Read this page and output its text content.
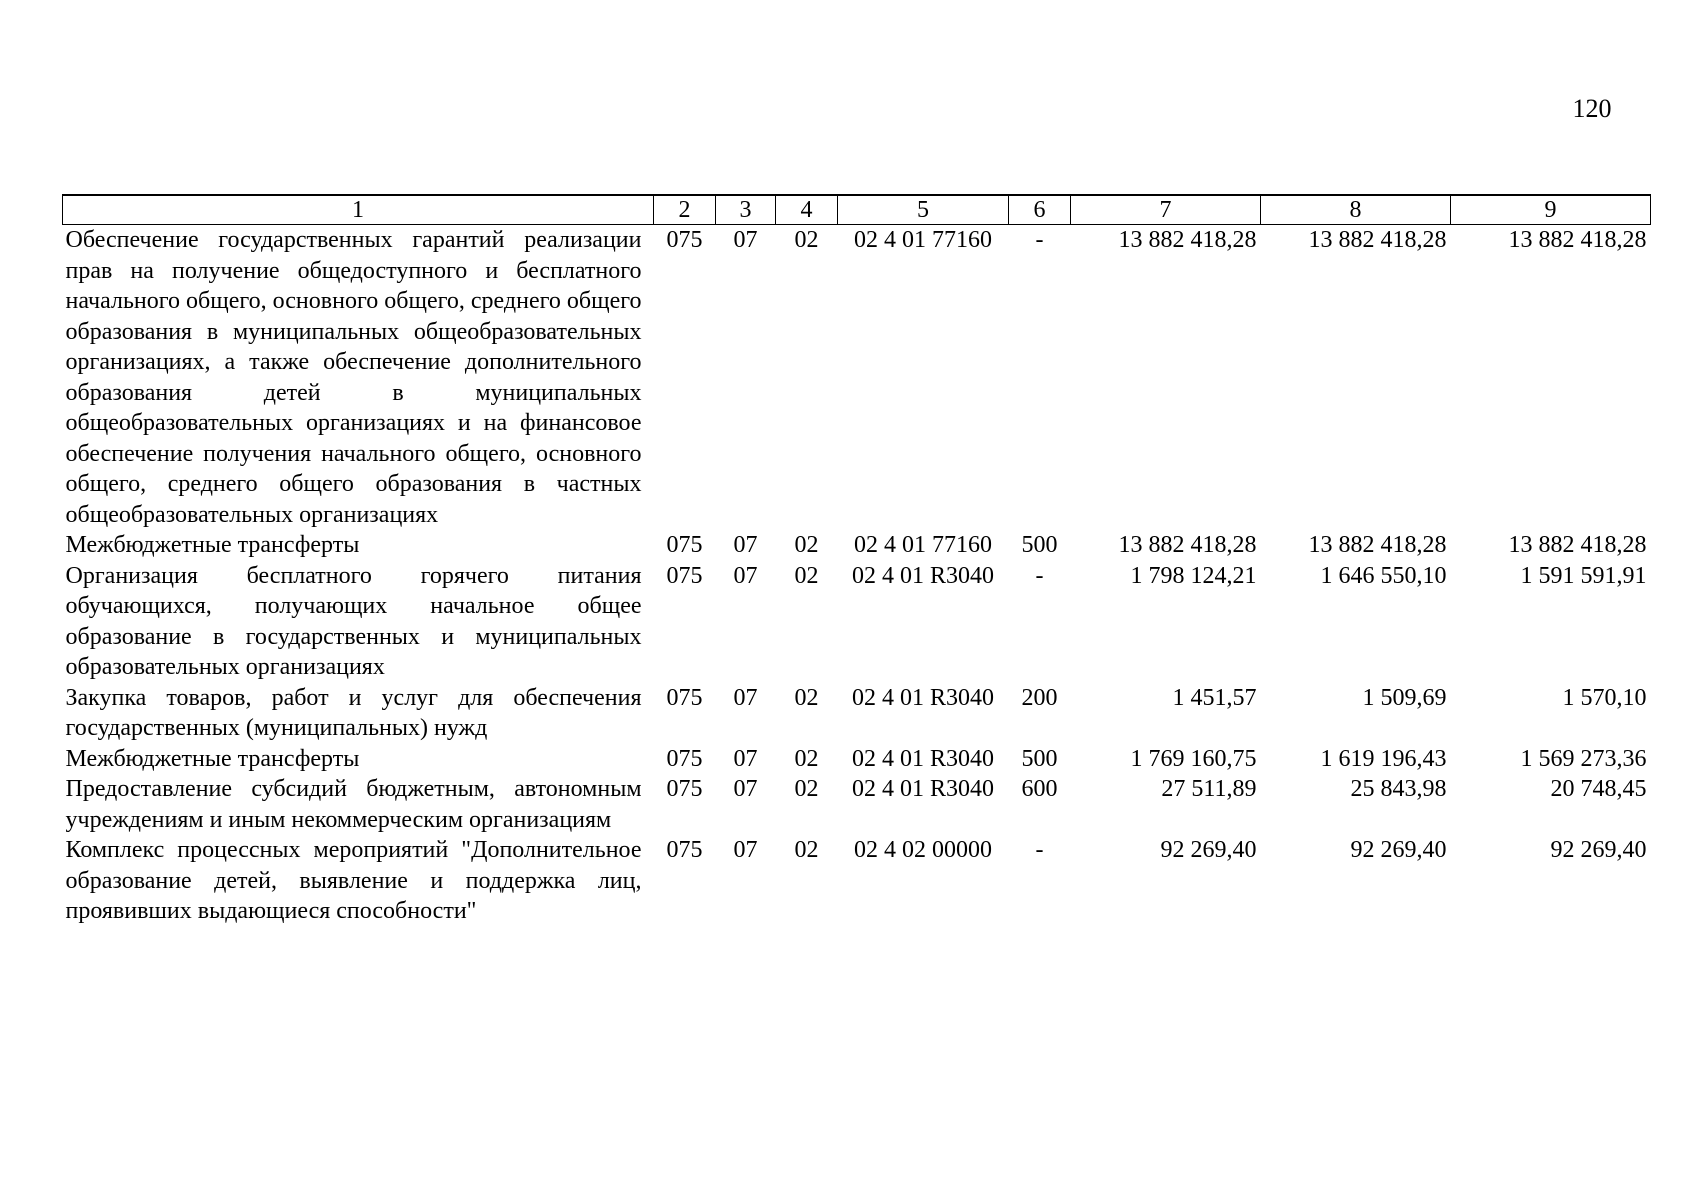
120
1	2	3	4	5	6	7	8	9
Обеспечение государственных гарантий реализации прав на получение общедоступного и бесплатного начального общего, основного общего, среднего общего образования в муниципальных общеобразовательных организациях, а также обеспечение дополнительного образования детей в муниципальных общеобразовательных организациях и на финансовое обеспечение получения начального общего, основного общего, среднего общего образования в частных общеобразовательных организациях	075	07	02	02 4 01 77160	-	13 882 418,28	13 882 418,28	13 882 418,28
Межбюджетные трансферты	075	07	02	02 4 01 77160	500	13 882 418,28	13 882 418,28	13 882 418,28
Организация бесплатного горячего питания обучающихся, получающих начальное общее образование в государственных и муниципальных образовательных организациях	075	07	02	02 4 01 R3040	-	1 798 124,21	1 646 550,10	1 591 591,91
Закупка товаров, работ и услуг для обеспечения государственных (муниципальных) нужд	075	07	02	02 4 01 R3040	200	1 451,57	1 509,69	1 570,10
Межбюджетные трансферты	075	07	02	02 4 01 R3040	500	1 769 160,75	1 619 196,43	1 569 273,36
Предоставление субсидий бюджетным, автономным учреждениям и иным некоммерческим организациям	075	07	02	02 4 01 R3040	600	27 511,89	25 843,98	20 748,45
Комплекс процессных мероприятий "Дополнительное образование детей, выявление и поддержка лиц, проявивших выдающиеся способности"	075	07	02	02 4 02 00000	-	92 269,40	92 269,40	92 269,40
